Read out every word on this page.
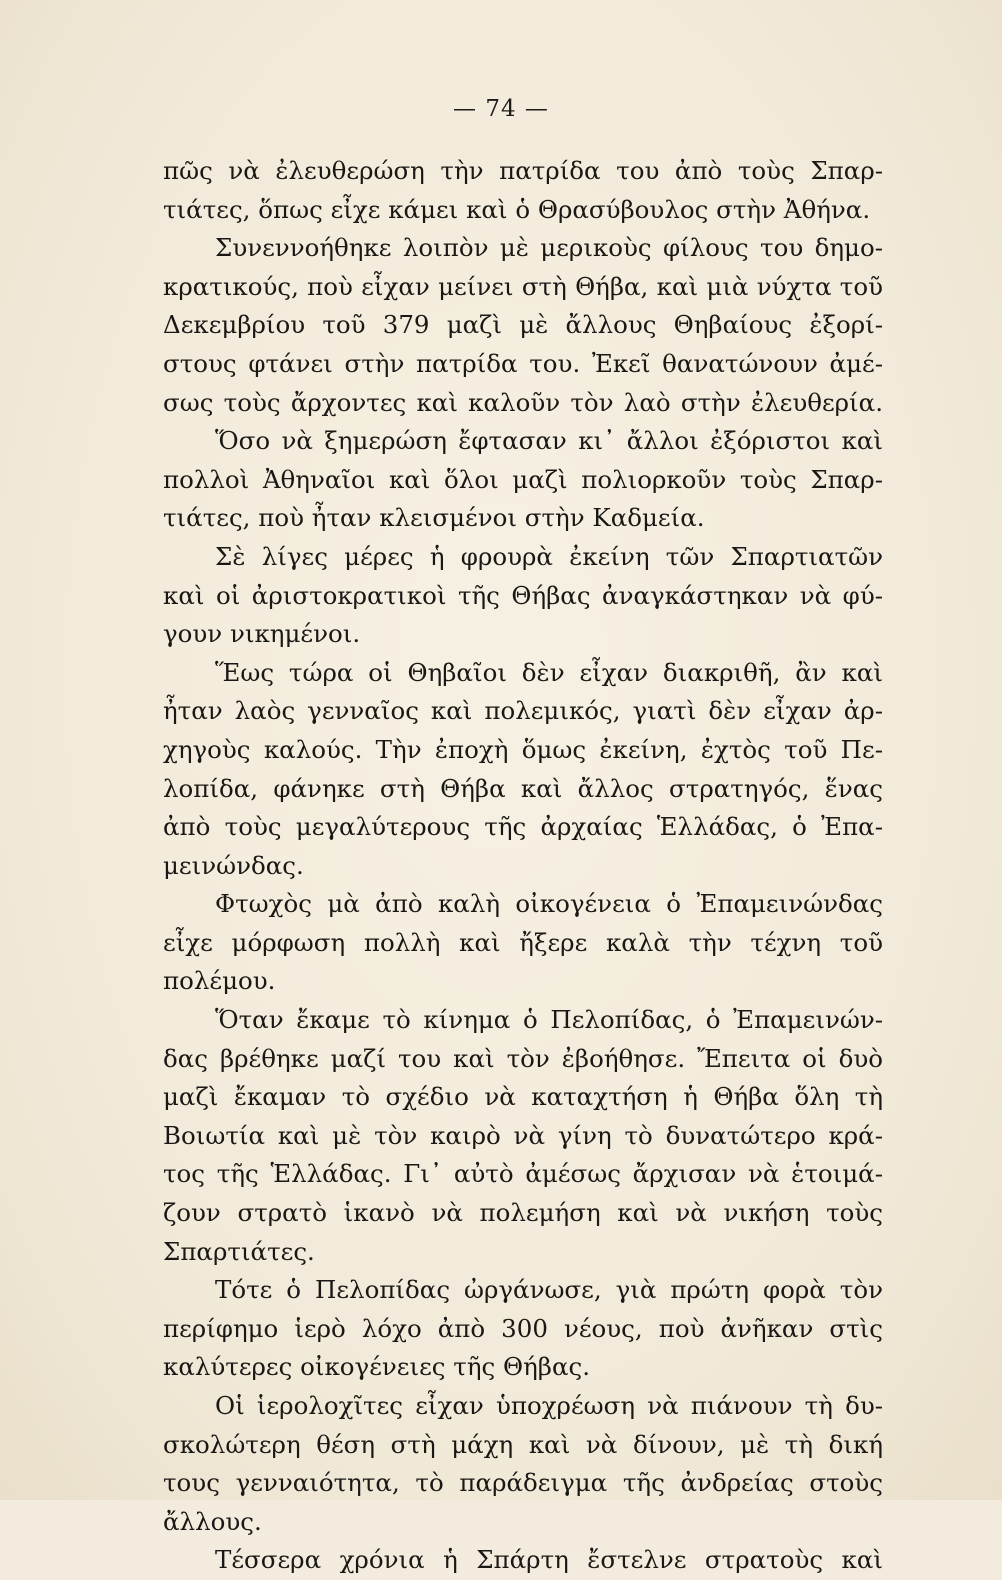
— 74 —
πῶς νὰ ἐλευθερώση τὴν πατρίδα του ἀπὸ τοὺς Σπαρ-
τιάτες, ὅπως εἶχε κάμει καὶ ὁ Θρασύβουλος στὴν Ἀθήνα.
Συνεννοήθηκε λοιπὸν μὲ μερικοὺς φίλους του δημο-
κρατικούς, ποὺ εἶχαν μείνει στὴ Θήβα, καὶ μιὰ νύχτα τοῦ
Δεκεμβρίου τοῦ 379 μαζὶ μὲ ἄλλους Θηβαίους ἐξορί-
στους φτάνει στὴν πατρίδα του. Ἐκεῖ θανατώνουν ἀμέ-
σως τοὺς ἄρχοντες καὶ καλοῦν τὸν λαὸ στὴν ἐλευθερία.
Ὅσο νὰ ξημερώση ἔφτασαν κι᾽ ἄλλοι ἐξόριστοι καὶ
πολλοὶ Ἀθηναῖοι καὶ ὅλοι μαζὶ πολιορκοῦν τοὺς Σπαρ-
τιάτες, ποὺ ἦταν κλεισμένοι στὴν Καδμεία.
Σὲ λίγες μέρες ἡ φρουρὰ ἐκείνη τῶν Σπαρτιατῶν
καὶ οἱ ἀριστοκρατικοὶ τῆς Θήβας ἀναγκάστηκαν νὰ φύ-
γουν νικημένοι.
Ἕως τώρα οἱ Θηβαῖοι δὲν εἶχαν διακριθῆ, ἂν καὶ
ἦταν λαὸς γενναῖος καὶ πολεμικός, γιατὶ δὲν εἶχαν ἀρ-
χηγοὺς καλούς. Τὴν ἐποχὴ ὅμως ἐκείνη, ἐχτὸς τοῦ Πε-
λοπίδα, φάνηκε στὴ Θήβα καὶ ἄλλος στρατηγός, ἕνας
ἀπὸ τοὺς μεγαλύτερους τῆς ἀρχαίας Ἑλλάδας, ὁ Ἐπα-
μεινώνδας.
Φτωχὸς μὰ ἀπὸ καλὴ οἰκογένεια ὁ Ἐπαμεινώνδας
εἶχε μόρφωση πολλὴ καὶ ἤξερε καλὰ τὴν τέχνη τοῦ
πολέμου.
Ὅταν ἔκαμε τὸ κίνημα ὁ Πελοπίδας, ὁ Ἐπαμεινών-
δας βρέθηκε μαζί του καὶ τὸν ἐβοήθησε. Ἔπειτα οἱ δυὸ
μαζὶ ἔκαμαν τὸ σχέδιο νὰ καταχτήση ἡ Θήβα ὅλη τὴ
Βοιωτία καὶ μὲ τὸν καιρὸ νὰ γίνη τὸ δυνατώτερο κρά-
τος τῆς Ἑλλάδας. Γι᾽ αὐτὸ ἀμέσως ἄρχισαν νὰ ἑτοιμά-
ζουν στρατὸ ἱκανὸ νὰ πολεμήση καὶ νὰ νικήση τοὺς
Σπαρτιάτες.
Τότε ὁ Πελοπίδας ὠργάνωσε, γιὰ πρώτη φορὰ τὸν
περίφημο ἱερὸ λόχο ἀπὸ 300 νέους, ποὺ ἀνῆκαν στὶς
καλύτερες οἰκογένειες τῆς Θήβας.
Οἱ ἱερολοχῖτες εἶχαν ὑποχρέωση νὰ πιάνουν τὴ δυ-
σκολώτερη θέση στὴ μάχη καὶ νὰ δίνουν, μὲ τὴ δική
τους γενναιότητα, τὸ παράδειγμα τῆς ἀνδρείας στοὺς
ἄλλους.
Τέσσερα χρόνια ἡ Σπάρτη ἔστελνε στρατοὺς καὶ
